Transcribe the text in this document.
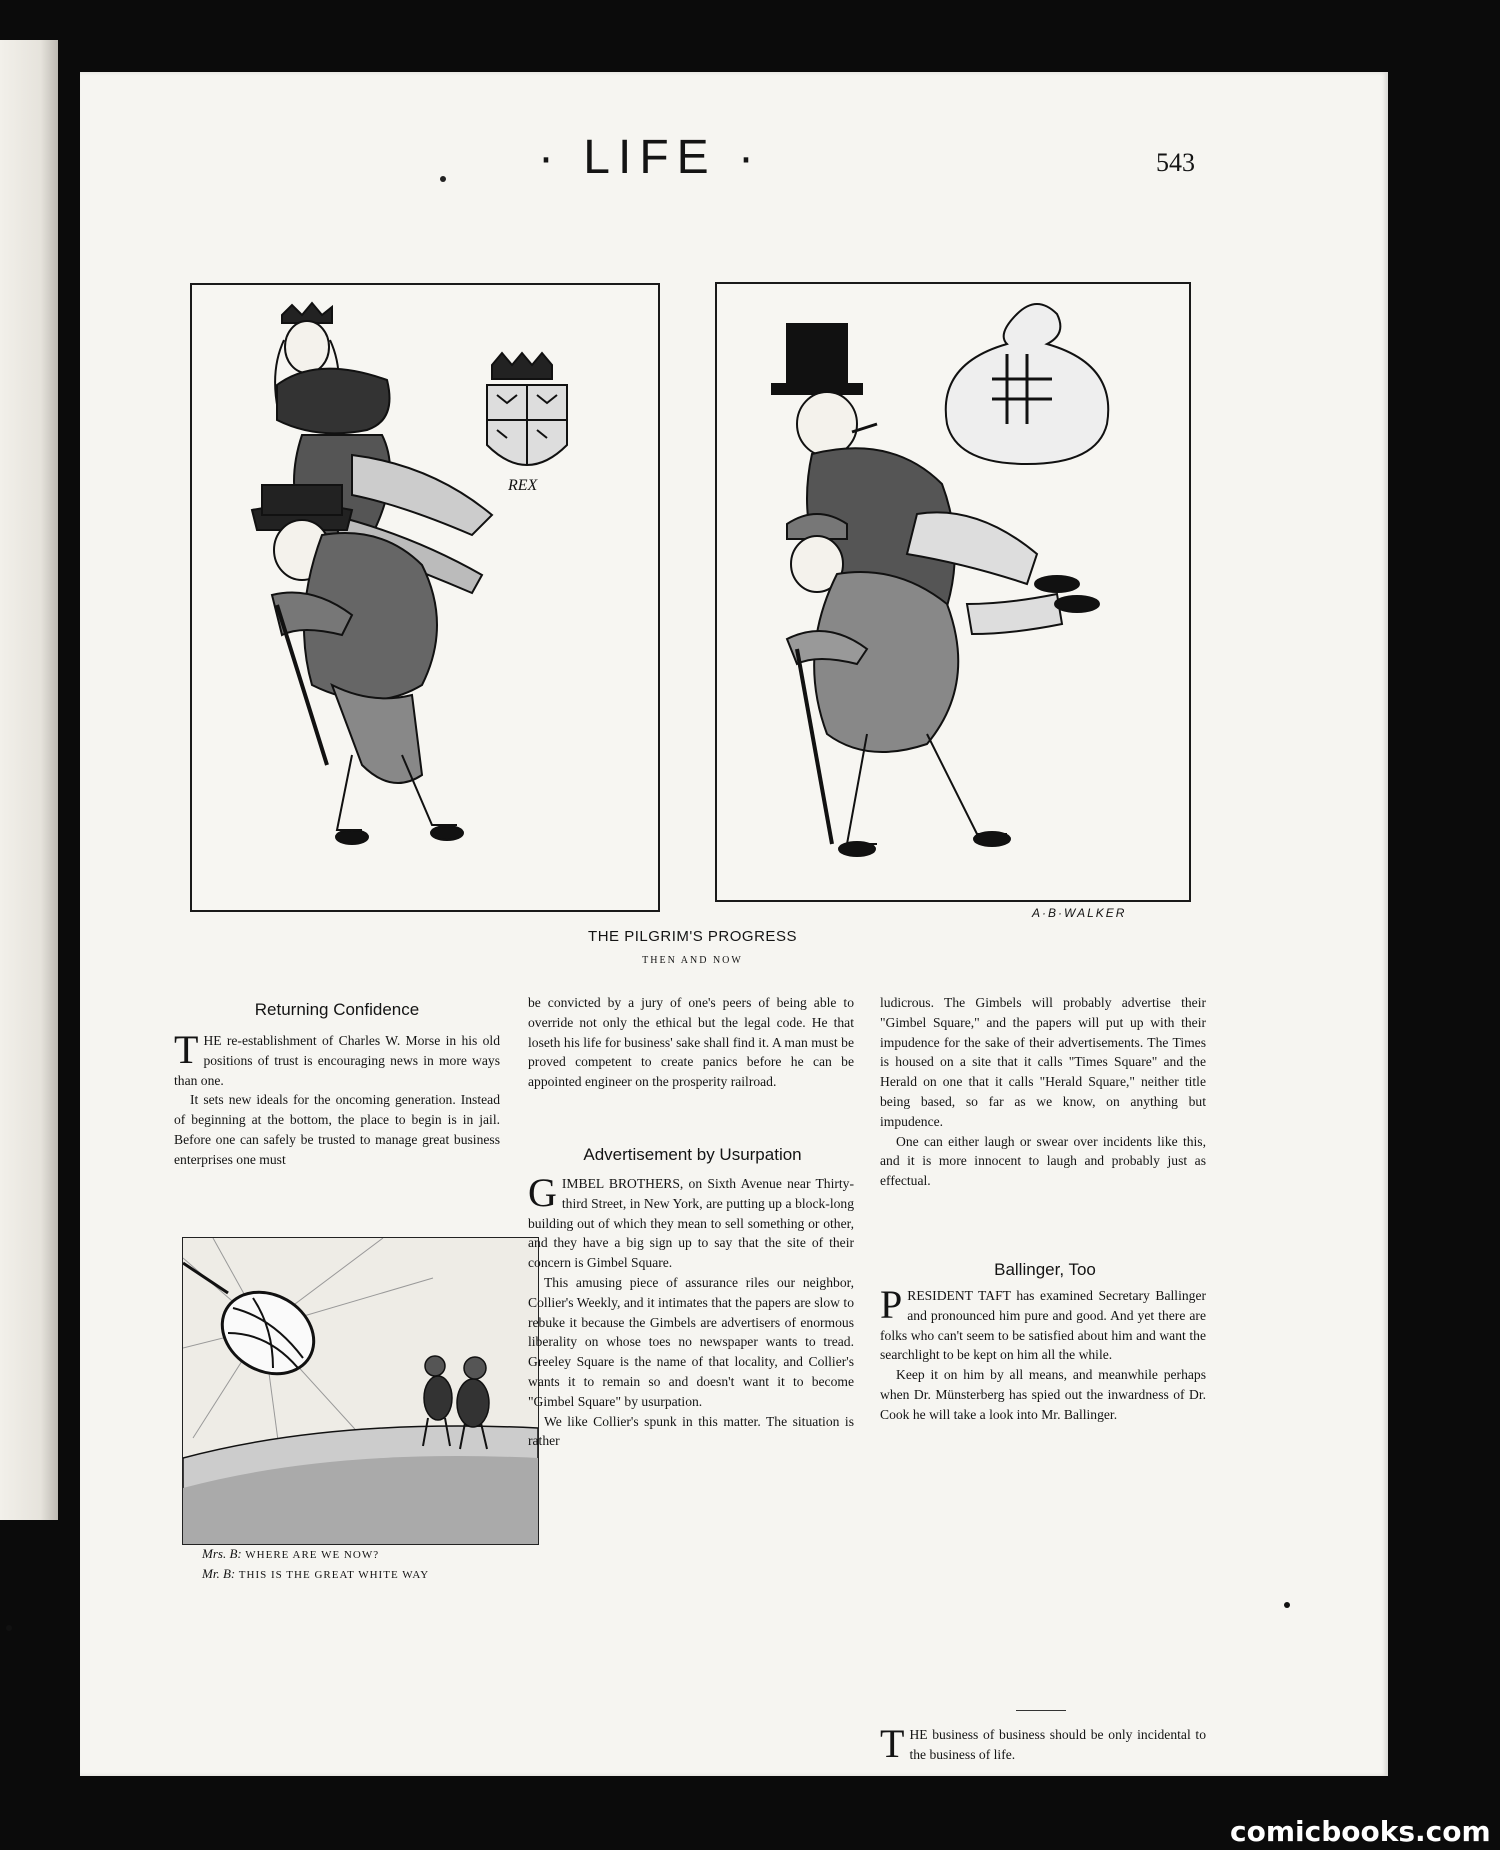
· LIFE ·	543
REX
A·B·WALKER
THE PILGRIM'S PROGRESS
THEN AND NOW
Returning Confidence

THE re-establishment of Charles W. Morse in his old positions of trust is encouraging news in more ways than one.

It sets new ideals for the oncoming generation. Instead of beginning at the bottom, the place to begin is in jail. Before one can safely be trusted to manage great business enterprises one must

Mrs. B: WHERE ARE WE NOW?
Mr. B: THIS IS THE GREAT WHITE WAY

be convicted by a jury of one's peers of being able to override not only the ethical but the legal code. He that loseth his life for business' sake shall find it. A man must be proved competent to create panics before he can be appointed engineer on the prosperity railroad.

Advertisement by Usurpation

GIMBEL BROTHERS, on Sixth Avenue near Thirty-third Street, in New York, are putting up a block-long building out of which they mean to sell something or other, and they have a big sign up to say that the site of their concern is Gimbel Square.

This amusing piece of assurance riles our neighbor, Collier's Weekly, and it intimates that the papers are slow to rebuke it because the Gimbels are advertisers of enormous liberality on whose toes no newspaper wants to tread. Greeley Square is the name of that locality, and Collier's wants it to remain so and doesn't want it to become "Gimbel Square" by usurpation.

We like Collier's spunk in this matter. The situation is rather

ludicrous. The Gimbels will probably advertise their "Gimbel Square," and the papers will put up with their impudence for the sake of their advertisements. The Times is housed on a site that it calls "Times Square" and the Herald on one that it calls "Herald Square," neither title being based, so far as we know, on anything but impudence.

One can either laugh or swear over incidents like this, and it is more innocent to laugh and probably just as effectual.

Ballinger, Too

PRESIDENT TAFT has examined Secretary Ballinger and pronounced him pure and good. And yet there are folks who can't seem to be satisfied about him and want the searchlight to be kept on him all the while.

Keep it on him by all means, and meanwhile perhaps when Dr. Münsterberg has spied out the inwardness of Dr. Cook he will take a look into Mr. Ballinger.

THE business of business should be only incidental to the business of life.

comicbooks.com
